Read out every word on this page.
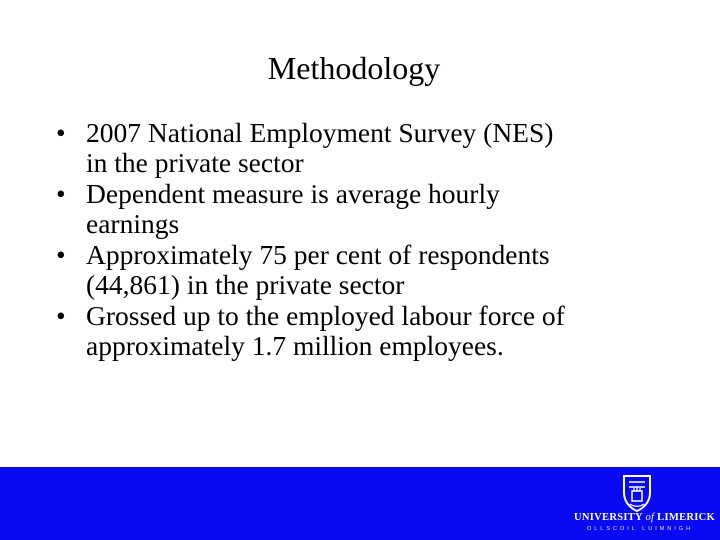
Methodology
• 2007 National Employment Survey (NES)
in the private sector
• Dependent measure is average hourly
earnings
• Approximately 75 per cent of respondents
(44,861) in the private sector
• Grossed up to the employed labour force of
approximately 1.7 million employees.
UNIVERSITY of LIMERICK
OLLSCOIL LUIMNIGH
